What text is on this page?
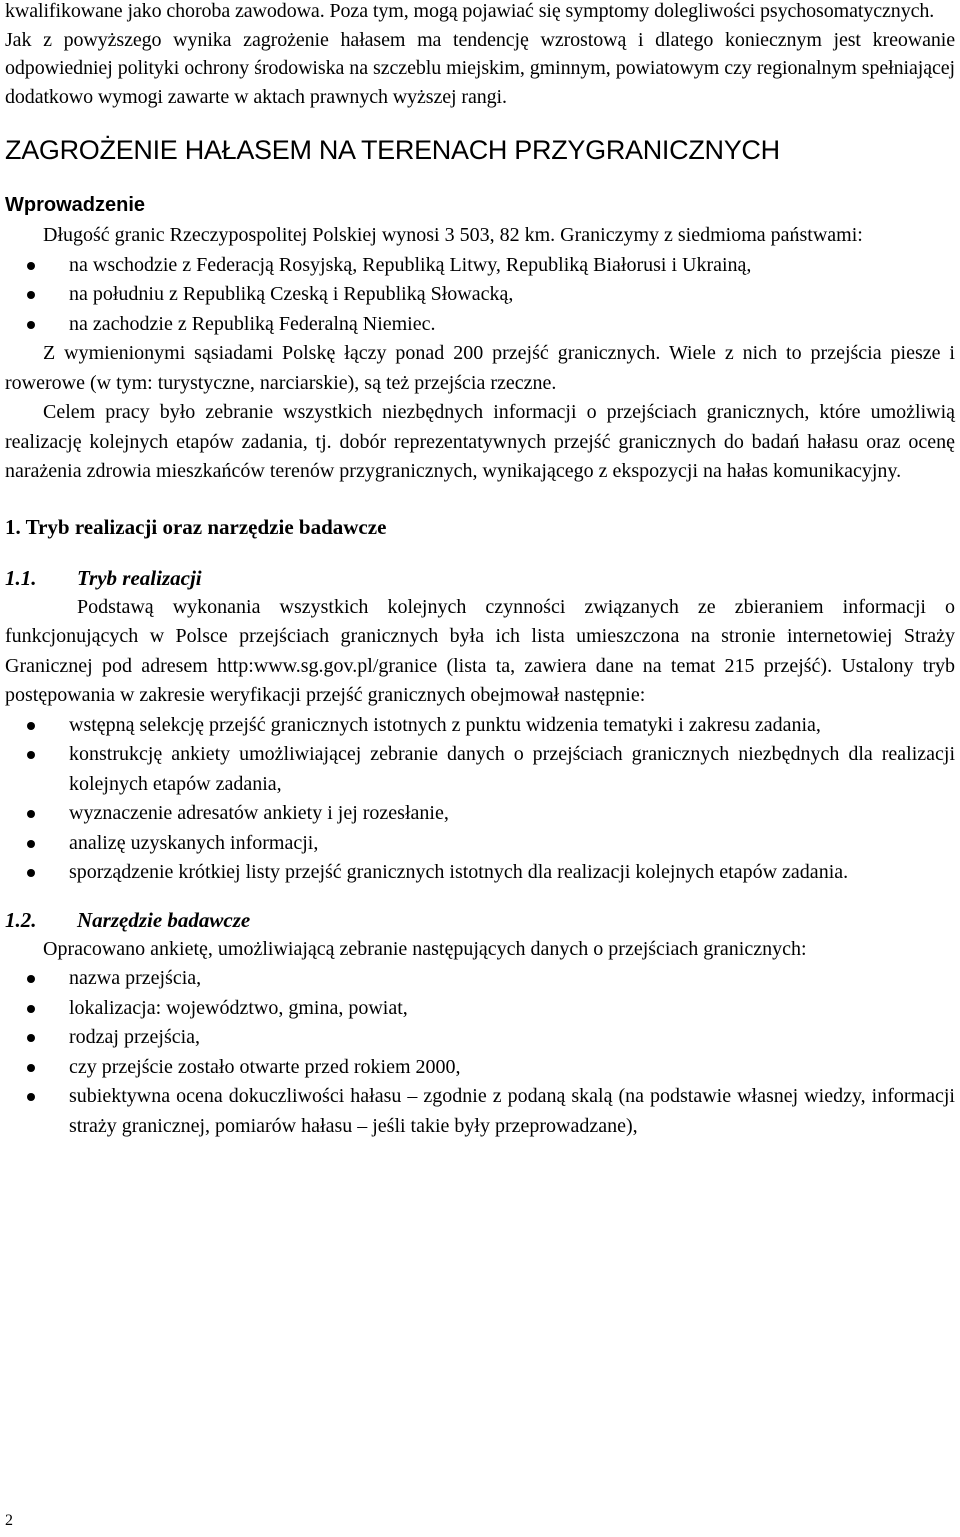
kwalifikowane jako choroba zawodowa. Poza tym, mogą pojawiać się symptomy dolegliwości psychosomatycznych.

Jak z powyższego wynika zagrożenie hałasem ma tendencję wzrostową i dlatego koniecznym jest kreowanie odpowiedniej polityki ochrony środowiska na szczeblu miejskim, gminnym, powiatowym czy regionalnym spełniającej dodatkowo wymogi zawarte w aktach prawnych wyższej rangi.

ZAGROŻENIE HAŁASEM NA TERENACH PRZYGRANICZNYCH
Wprowadzenie

Długość granic Rzeczypospolitej Polskiej wynosi 3 503, 82 km. Graniczymy z siedmioma państwami:

na wschodzie z Federacją Rosyjską, Republiką Litwy, Republiką Białorusi i Ukrainą,
na południu z Republiką Czeską i Republiką Słowacką,
na zachodzie z Republiką Federalną Niemiec.

Z wymienionymi sąsiadami Polskę łączy ponad 200 przejść granicznych. Wiele z nich to przejścia piesze i rowerowe (w tym: turystyczne, narciarskie), są też przejścia rzeczne.

Celem pracy było zebranie wszystkich niezbędnych informacji o przejściach granicznych, które umożliwią realizację kolejnych etapów zadania, tj. dobór reprezentatywnych przejść granicznych do badań hałasu oraz ocenę narażenia zdrowia mieszkańców terenów przygranicznych, wynikającego z ekspozycji na hałas komunikacyjny.

1. Tryb realizacji oraz narzędzie badawcze
1.1. Tryb realizacji

Podstawą wykonania wszystkich kolejnych czynności związanych ze zbieraniem informacji o funkcjonujących w Polsce przejściach granicznych była ich lista umieszczona na stronie internetowiej Straży Granicznej pod adresem http:www.sg.gov.pl/granice (lista ta, zawiera dane na temat 215 przejść). Ustalony tryb postępowania w zakresie weryfikacji przejść granicznych obejmował następnie:

wstępną selekcję przejść granicznych istotnych z punktu widzenia tematyki i zakresu zadania,
konstrukcję ankiety umożliwiającej zebranie danych o przejściach granicznych niezbędnych dla realizacji kolejnych etapów zadania,
wyznaczenie adresatów ankiety i jej rozesłanie,
analizę uzyskanych informacji,
sporządzenie krótkiej listy przejść granicznych istotnych dla realizacji kolejnych etapów zadania.
1.2. Narzędzie badawcze

Opracowano ankietę, umożliwiającą zebranie następujących danych o przejściach granicznych:

nazwa przejścia,
lokalizacja: województwo, gmina, powiat,
rodzaj przejścia,
czy przejście zostało otwarte przed rokiem 2000,
subiektywna ocena dokuczliwości hałasu – zgodnie z podaną skalą (na podstawie własnej wiedzy, informacji straży granicznej, pomiarów hałasu – jeśli takie były przeprowadzane),
2
